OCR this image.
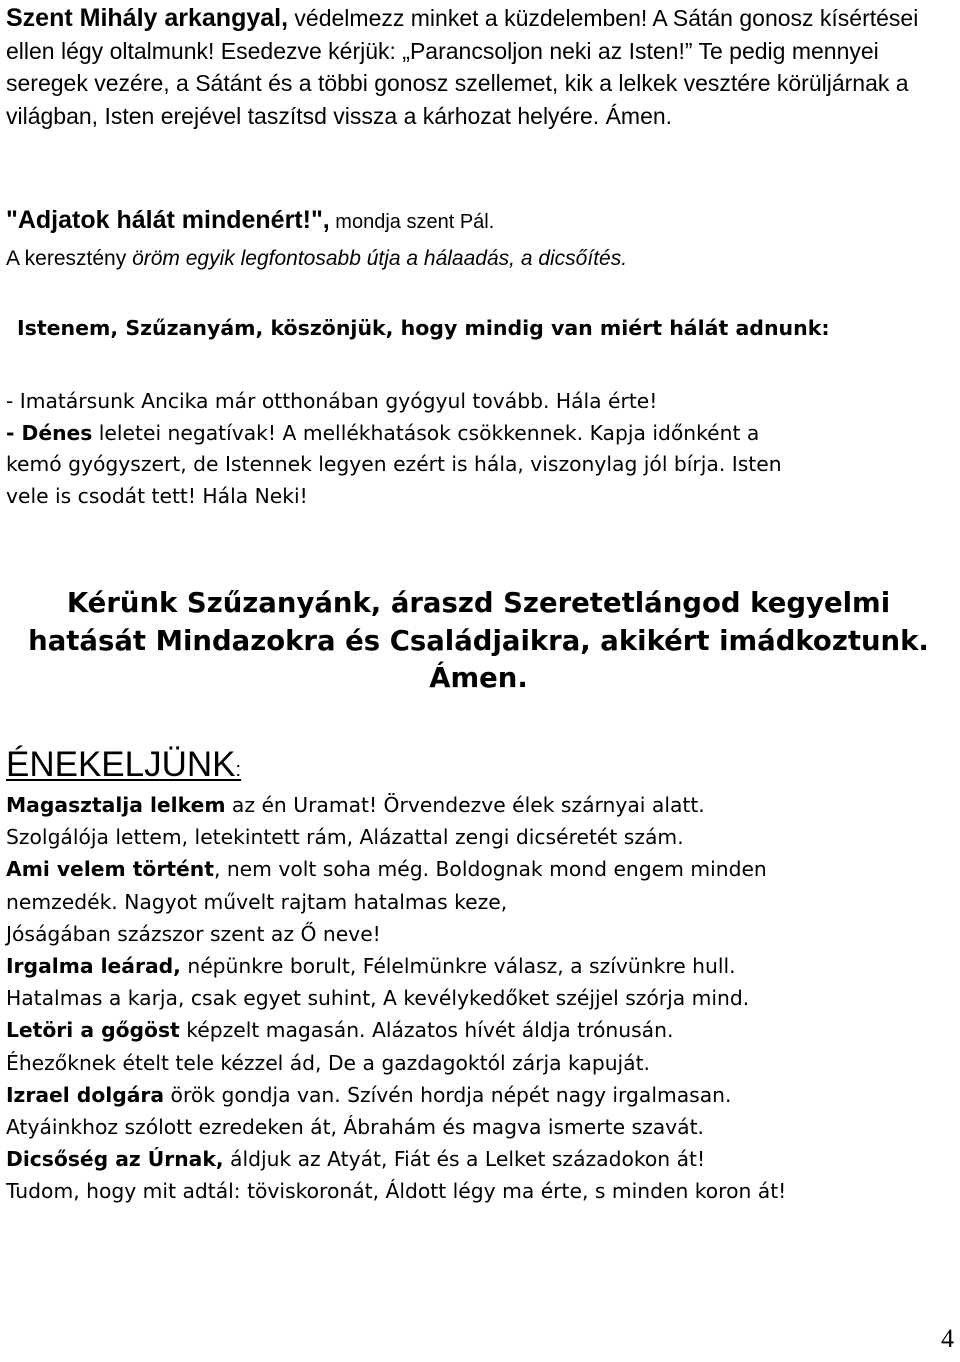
Szent Mihály arkangyal, védelmezz minket a küzdelemben! A Sátán gonosz kísértései ellen légy oltalmunk! Esedezve kérjük: „Parancsoljon neki az Isten!” Te pedig mennyei seregek vezére, a Sátánt és a többi gonosz szellemet, kik a lelkek vesztére körüljárnak a világban, Isten erejével taszítsd vissza a kárhozat helyére. Ámen.
"Adjatok hálát mindenért!", mondja szent Pál.
A keresztény öröm egyik legfontosabb útja a hálaadás, a dicsőítés.
Istenem, Szűzanyám, köszönjük, hogy mindig van miért hálát adnunk:
- Imatársunk Ancika már otthonában gyógyul tovább. Hála érte!
- Dénes leletei negatívak! A mellékhatások csökkennek. Kapja időnként a
kemó gyógyszert, de Istennek legyen ezért is hála, viszonylag jól bírja. Isten
vele is csodát tett! Hála Neki!
Kérünk Szűzanyánk, áraszd Szeretetlángod kegyelmi
hatását Mindazokra és Családjaikra, akikért imádkoztunk.
Ámen.
ÉNEKELJÜNK:
Magasztalja lelkem az én Uramat! Örvendezve élek szárnyai alatt.
Szolgálója lettem, letekintett rám, Alázattal zengi dicséretét szám.
Ami velem történt, nem volt soha még. Boldognak mond engem minden
nemzedék. Nagyot művelt rajtam hatalmas keze,
Jóságában százszor szent az Ő neve!
Irgalma leárad, népünkre borult, Félelmünkre válasz, a szívünkre hull.
Hatalmas a karja, csak egyet suhint, A kevélykedőket széjjel szórja mind.
Letöri a gőgöst képzelt magasán. Alázatos hívét áldja trónusán.
Éhezőknek ételt tele kézzel ád, De a gazdagoktól zárja kapuját.
Izrael dolgára örök gondja van. Szívén hordja népét nagy irgalmasan.
Atyáinkhoz szólott ezredeken át, Ábrahám és magva ismerte szavát.
Dicsőség az Úrnak, áldjuk az Atyát, Fiát és a Lelket századokon át!
Tudom, hogy mit adtál: töviskoronát, Áldott légy ma érte, s minden koron át!
4
